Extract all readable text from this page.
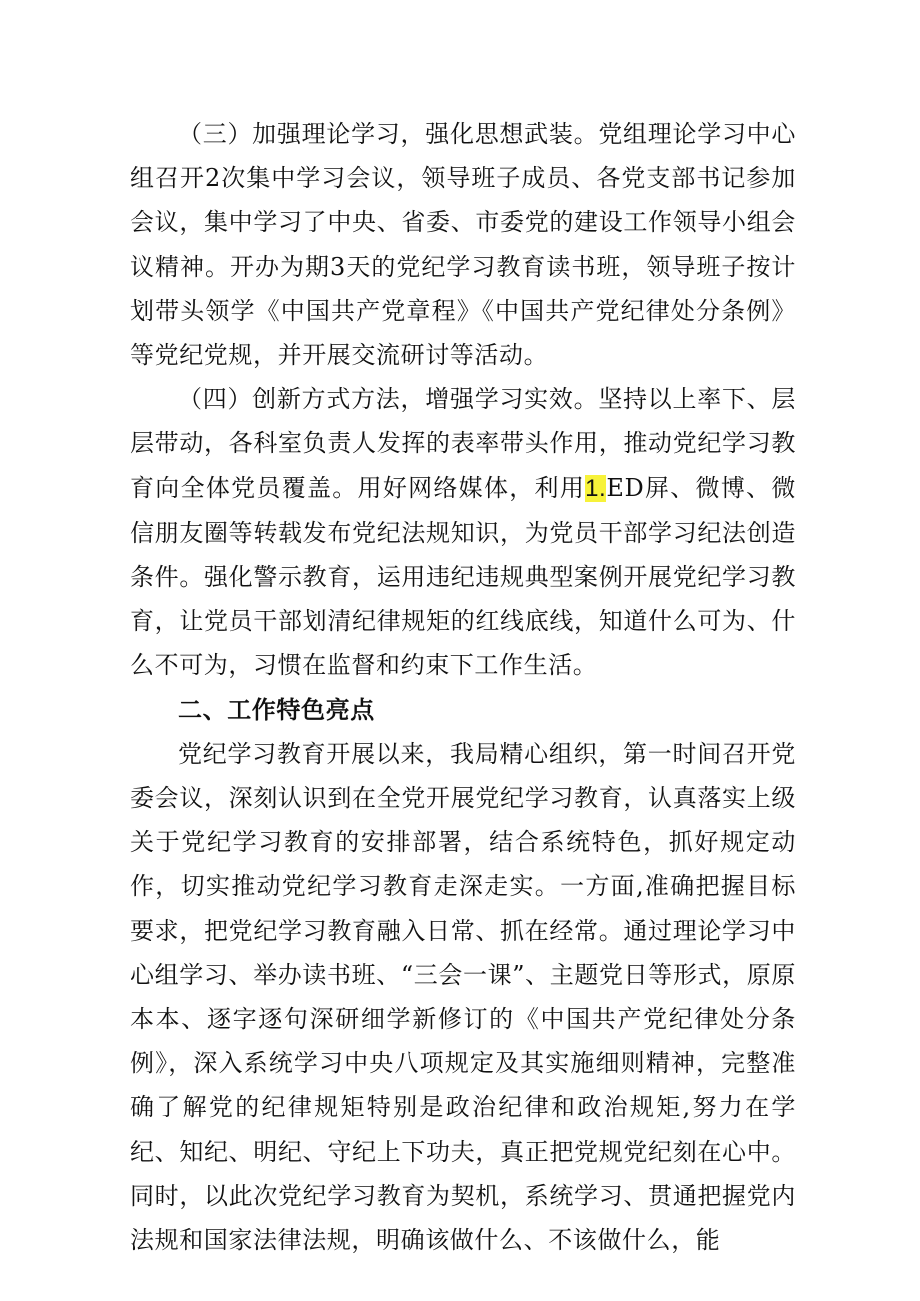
（三）加强理论学习，强化思想武装。党组理论学习中心组召开2次集中学习会议，领导班子成员、各党支部书记参加会议，集中学习了中央、省委、市委党的建设工作领导小组会议精神。开办为期3天的党纪学习教育读书班，领导班子按计划带头领学《中国共产党章程》《中国共产党纪律处分条例》等党纪党规，并开展交流研讨等活动。

（四）创新方式方法，增强学习实效。坚持以上率下、层层带动，各科室负责人发挥的表率带头作用，推动党纪学习教育向全体党员覆盖。用好网络媒体，利用1.ED屏、微博、微信朋友圈等转载发布党纪法规知识，为党员干部学习纪法创造条件。强化警示教育，运用违纪违规典型案例开展党纪学习教育，让党员干部划清纪律规矩的红线底线，知道什么可为、什么不可为，习惯在监督和约束下工作生活。

二、工作特色亮点

党纪学习教育开展以来，我局精心组织，第一时间召开党委会议，深刻认识到在全党开展党纪学习教育，认真落实上级关于党纪学习教育的安排部署，结合系统特色，抓好规定动作，切实推动党纪学习教育走深走实。一方面,准确把握目标要求，把党纪学习教育融入日常、抓在经常。通过理论学习中心组学习、举办读书班、“三会一课”、主题党日等形式，原原本本、逐字逐句深研细学新修订的《中国共产党纪律处分条例》，深入系统学习中央八项规定及其实施细则精神，完整准确了解党的纪律规矩特别是政治纪律和政治规矩,努力在学纪、知纪、明纪、守纪上下功夫，真正把党规党纪刻在心中。同时，以此次党纪学习教育为契机，系统学习、贯通把握党内法规和国家法律法规，明确该做什么、不该做什么，能
